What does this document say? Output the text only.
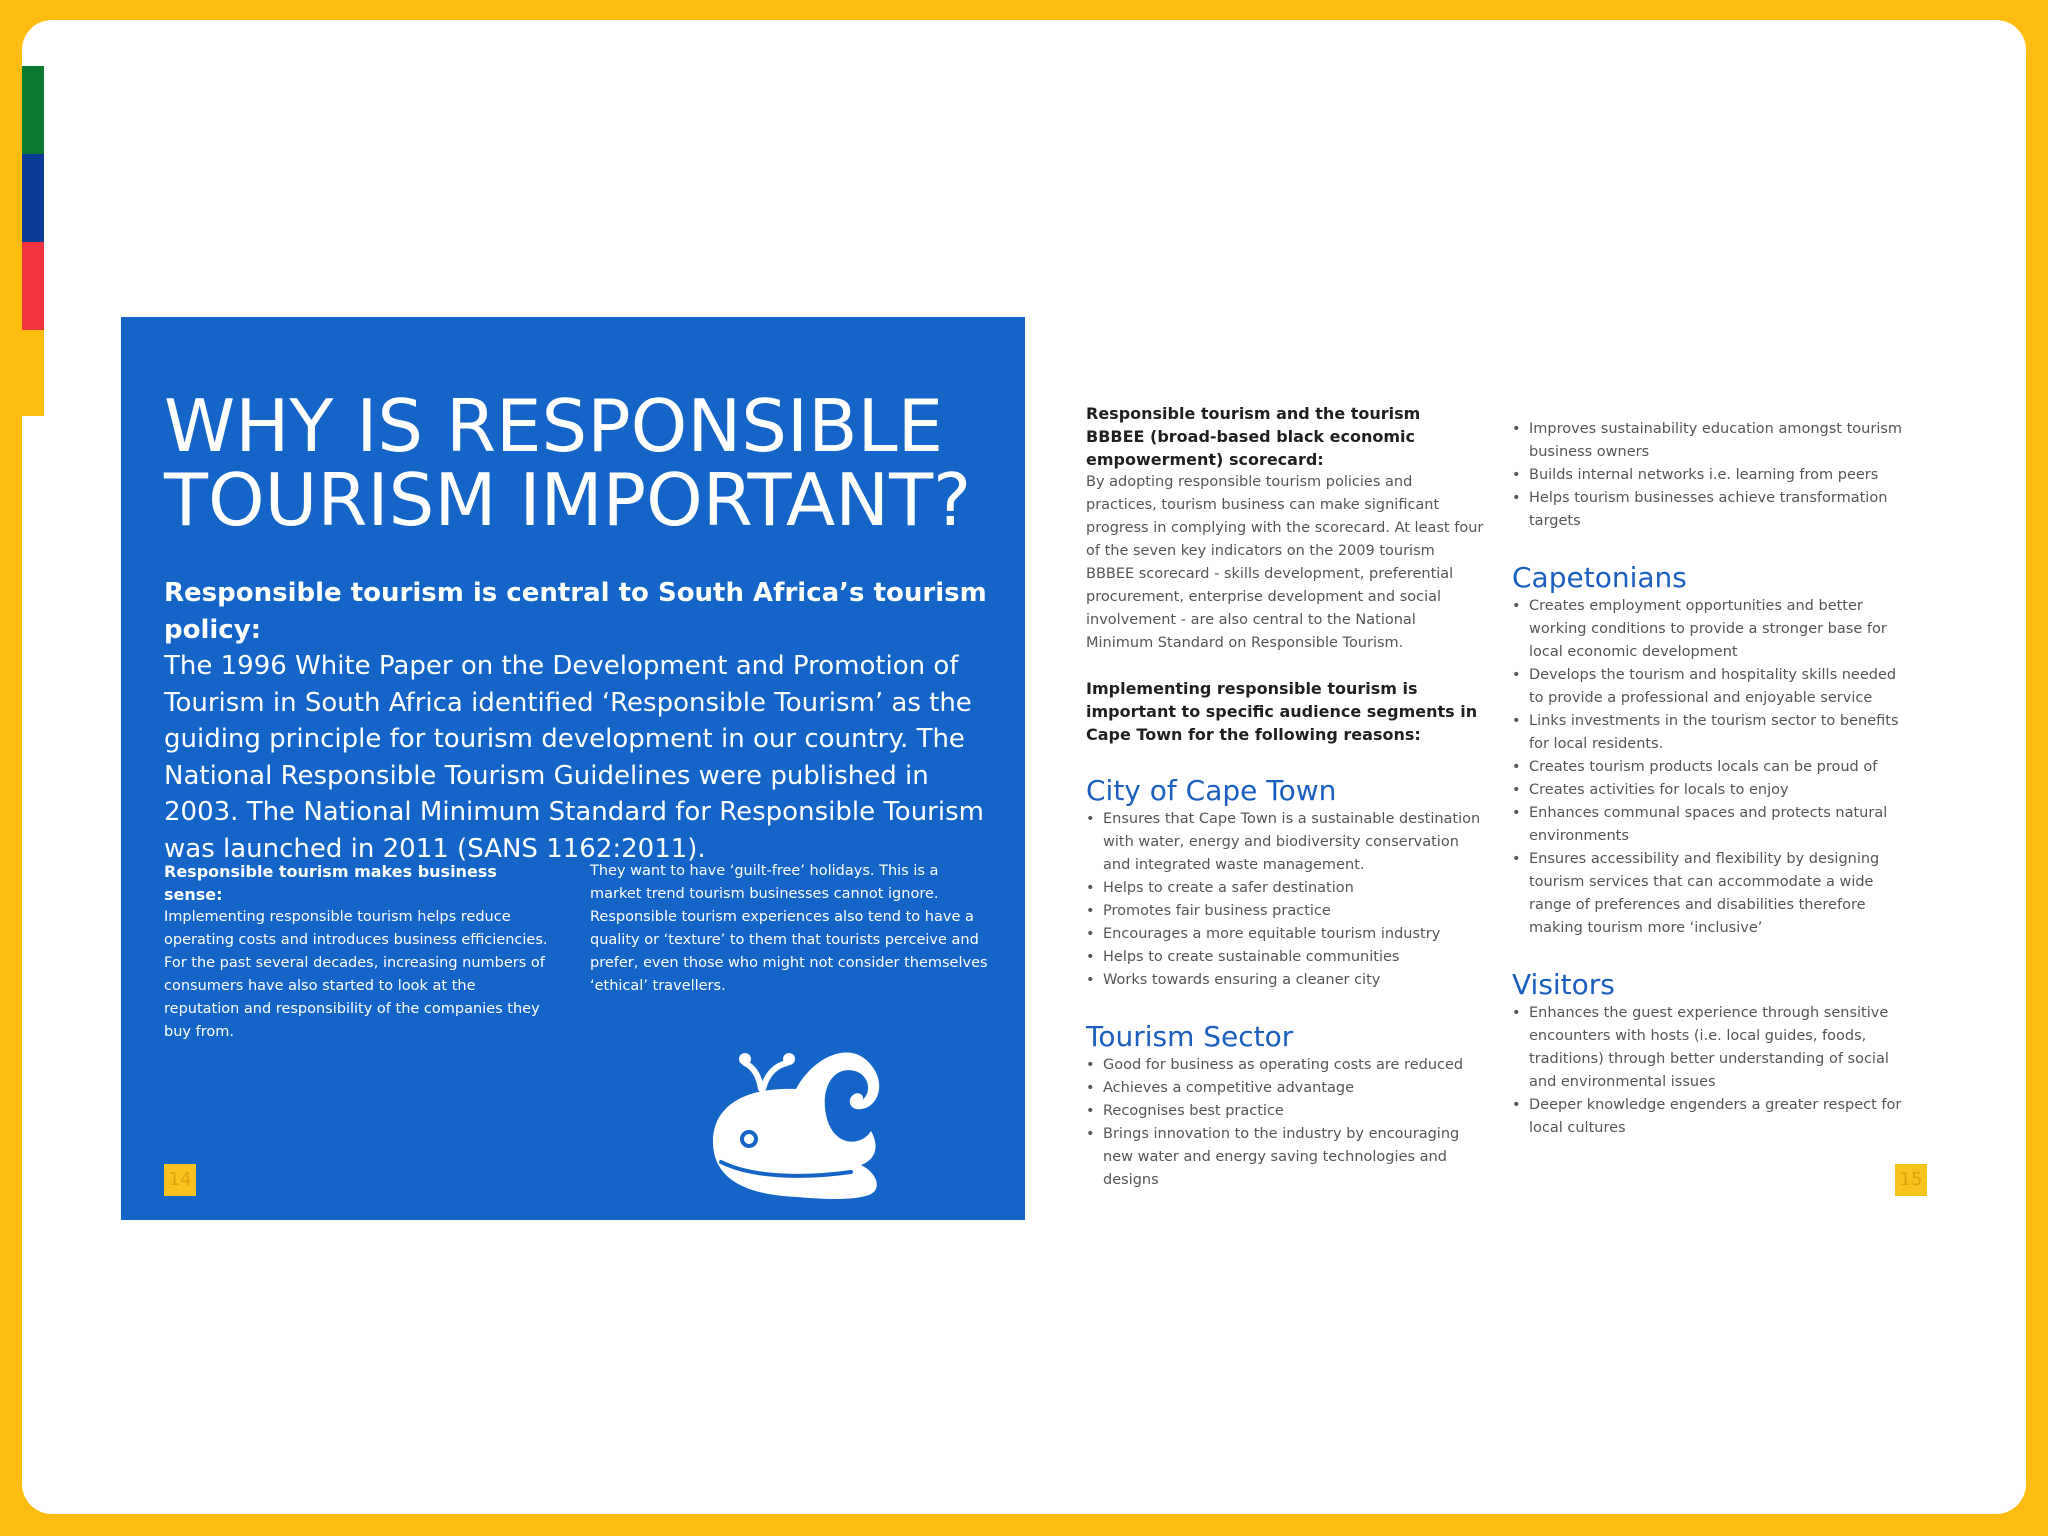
WHY IS RESPONSIBLE
TOURISM IMPORTANT?
Responsible tourism is central to South Africa’s tourism policy:
The 1996 White Paper on the Development and Promotion of Tourism in South Africa identified ‘Responsible Tourism’ as the guiding principle for tourism development in our country. The National Responsible Tourism Guidelines were published in 2003. The National Minimum Standard for Responsible Tourism was launched in 2011 (SANS 1162:2011).
Responsible tourism makes business sense:
Implementing responsible tourism helps reduce operating costs and introduces business efficiencies. For the past several decades, increasing numbers of consumers have also started to look at the reputation and responsibility of the companies they buy from.
They want to have ‘guilt-free’ holidays. This is a market trend tourism businesses cannot ignore. Responsible tourism experiences also tend to have a quality or ‘texture’ to them that tourists perceive and prefer, even those who might not consider themselves ‘ethical’ travellers.
14
Responsible tourism and the tourism BBBEE (broad-based black economic empowerment) scorecard:
By adopting responsible tourism policies and practices, tourism business can make significant progress in complying with the scorecard. At least four of the seven key indicators on the 2009 tourism BBBEE scorecard - skills development, preferential procurement, enterprise development and social involvement - are also central to the National Minimum Standard on Responsible Tourism.
Implementing responsible tourism is important to specific audience segments in Cape Town for the following reasons:
City of Cape Town
• Ensures that Cape Town is a sustainable destination with water, energy and biodiversity conservation and integrated waste management.
• Helps to create a safer destination
• Promotes fair business practice
• Encourages a more equitable tourism industry
• Helps to create sustainable communities
• Works towards ensuring a cleaner city
Tourism Sector
• Good for business as operating costs are reduced
• Achieves a competitive advantage
• Recognises best practice
• Brings innovation to the industry by encouraging new water and energy saving technologies and designs
• Improves sustainability education amongst tourism business owners
• Builds internal networks i.e. learning from peers
• Helps tourism businesses achieve transformation targets
Capetonians
• Creates employment opportunities and better working conditions to provide a stronger base for local economic development
• Develops the tourism and hospitality skills needed to provide a professional and enjoyable service
• Links investments in the tourism sector to benefits for local residents.
• Creates tourism products locals can be proud of
• Creates activities for locals to enjoy
• Enhances communal spaces and protects natural environments
• Ensures accessibility and flexibility by designing tourism services that can accommodate a wide range of preferences and disabilities therefore making tourism more ‘inclusive’
Visitors
• Enhances the guest experience through sensitive encounters with hosts (i.e. local guides, foods, traditions) through better understanding of social and environmental issues
• Deeper knowledge engenders a greater respect for local cultures
15
